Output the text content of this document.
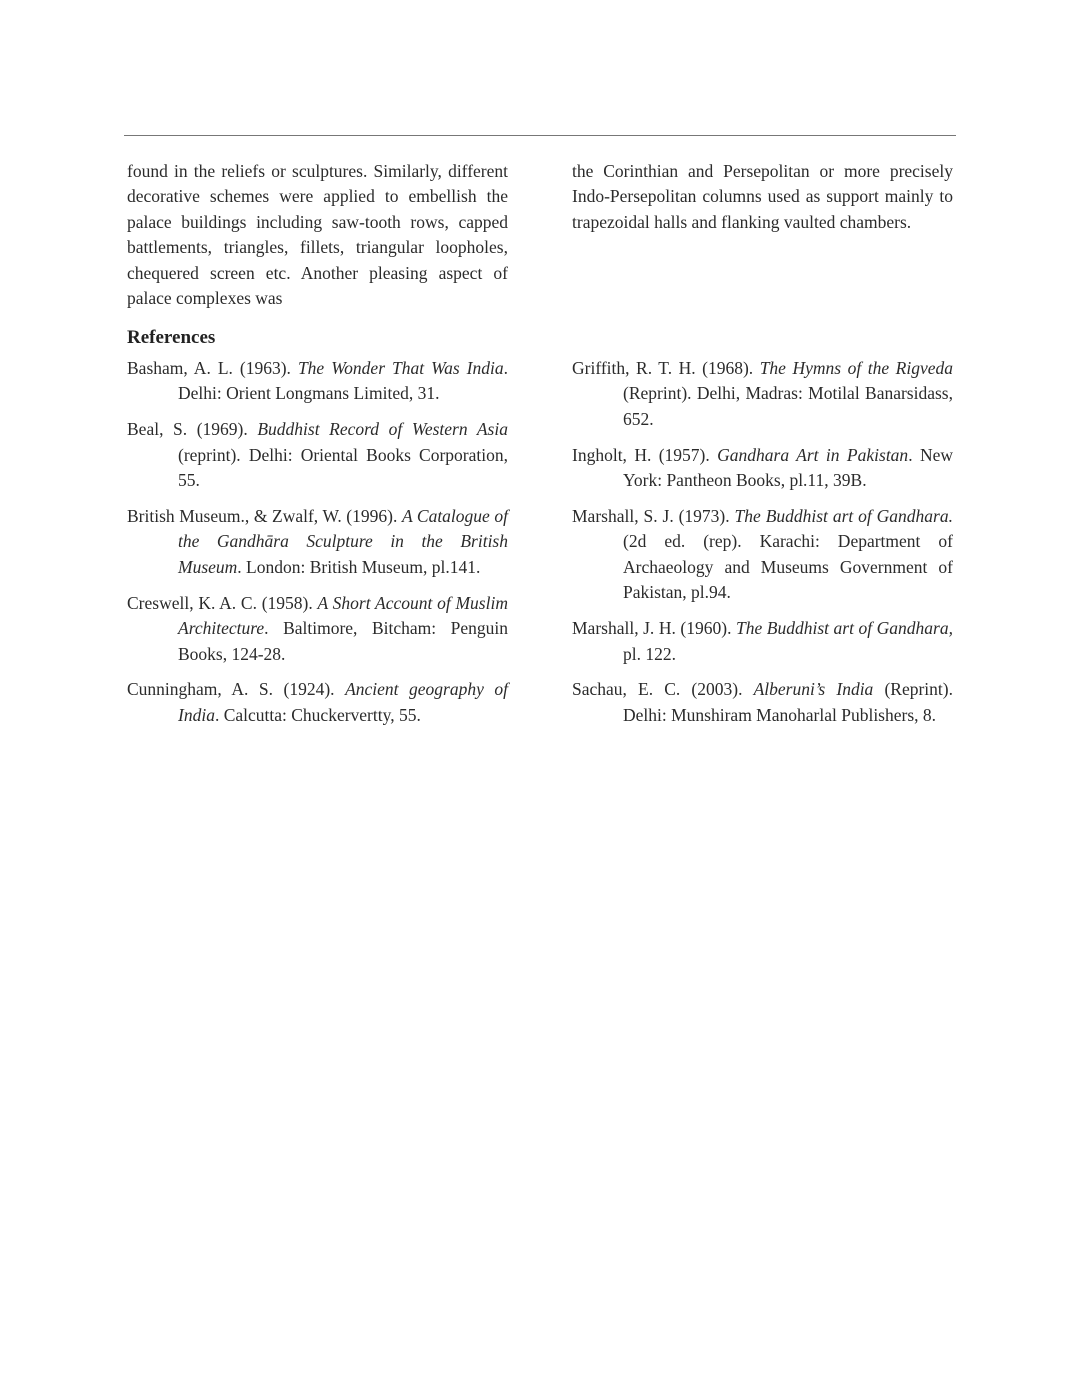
found in the reliefs or sculptures. Similarly, different decorative schemes were applied to embellish the palace buildings including saw-tooth rows, capped battlements, triangles, fillets, triangular loopholes, chequered screen etc. Another pleasing aspect of palace complexes was

the Corinthian and Persepolitan or more precisely Indo-Persepolitan columns used as support mainly to trapezoidal halls and flanking vaulted chambers.

References

Basham, A. L. (1963). The Wonder That Was India. Delhi: Orient Longmans Limited, 31.

Beal, S. (1969). Buddhist Record of Western Asia (reprint). Delhi: Oriental Books Corporation, 55.

British Museum., & Zwalf, W. (1996). A Catalogue of the Gandhāra Sculpture in the British Museum. London: British Museum, pl.141.

Creswell, K. A. C. (1958). A Short Account of Muslim Architecture. Baltimore, Bitcham: Penguin Books, 124-28.

Cunningham, A. S. (1924). Ancient geography of India. Calcutta: Chuckervertty, 55.

Griffith, R. T. H. (1968). The Hymns of the Rigveda (Reprint). Delhi, Madras: Motilal Banarsidass, 652.

Ingholt, H. (1957). Gandhara Art in Pakistan. New York: Pantheon Books, pl.11, 39B.

Marshall, S. J. (1973). The Buddhist art of Gandhara. (2d ed. (rep). Karachi: Department of Archaeology and Museums Government of Pakistan, pl.94.

Marshall, J. H. (1960). The Buddhist art of Gandhara, pl. 122.

Sachau, E. C. (2003). Alberuni’s India (Reprint). Delhi: Munshiram Manoharlal Publishers, 8.
